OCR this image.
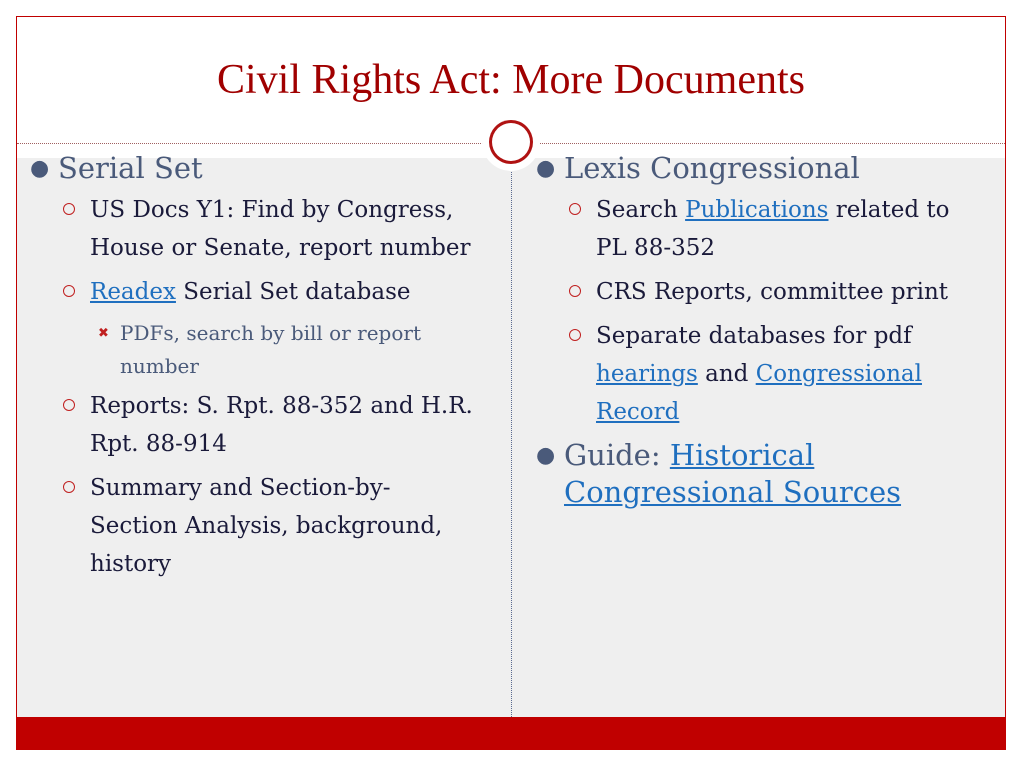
Civil Rights Act: More Documents
● Serial Set
US Docs Y1: Find by Congress, House or Senate, report number
Readex Serial Set database
✖ PDFs, search by bill or report number
Reports: S. Rpt. 88-352 and H.R. Rpt. 88-914
Summary and Section-by-Section Analysis, background, history
● Lexis Congressional
Search Publications related to PL 88-352
CRS Reports, committee print
Separate databases for pdf hearings and Congressional Record
● Guide: Historical Congressional Sources
